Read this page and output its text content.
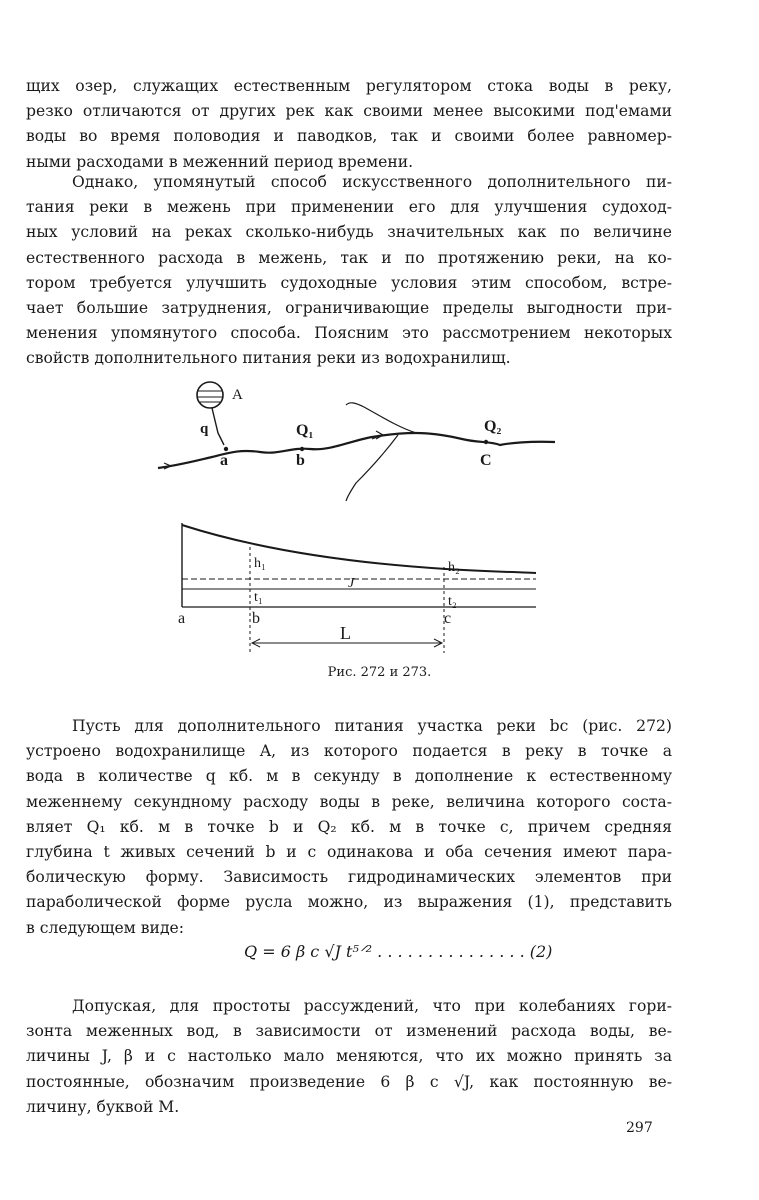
щих озер, служащих естественным регулятором стока воды в реку,
резко отличаются от других рек как своими менее высокими под'емами
воды во время половодия и паводков, так и своими более равномер-
ными расходами в меженний период времени.
Однако, упомянутый способ искусственного дополнительного пи-
тания реки в межень при применении его для улучшения судоход-
ных условий на реках сколько-нибудь значительных как по величине
естественного расхода в межень, так и по протяжению реки, на ко-
тором требуется улучшить судоходные условия этим способом, встре-
чает большие затруднения, ограничивающие пределы выгодности при-
менения упомянутого способа. Поясним это рассмотрением некоторых
свойств дополнительного питания реки из водохранилищ.
A
q
a	b	C
Q₁	Q₂
h₁	h₂
t₁	t₂
J
a	b	c
L
Рис. 272 и 273.
Пусть для дополнительного питания участка реки bc (рис. 272)
устроено водохранилище A, из которого подается в реку в точке a
вода в количестве q кб. м в секунду в дополнение к естественному
меженнему секундному расходу воды в реке, величина которого соста-
вляет Q₁ кб. м в точке b и Q₂ кб. м в точке c, причем средняя
глубина t живых сечений b и c одинакова и оба сечения имеют пара-
болическую форму. Зависимость гидродинамических элементов при
параболической форме русла можно, из выражения (1), представить
в следующем виде:
Q = 6 β c √J t⁵ᐟ² . . . . . . . . . . . . . . . (2)
Допуская, для простоты рассуждений, что при колебаниях гори-
зонта меженных вод, в зависимости от изменений расхода воды, ве-
личины J, β и c настолько мало меняются, что их можно принять за
постоянные, обозначим произведение 6 β c √J, как постоянную ве-
личину, буквой M.
297
